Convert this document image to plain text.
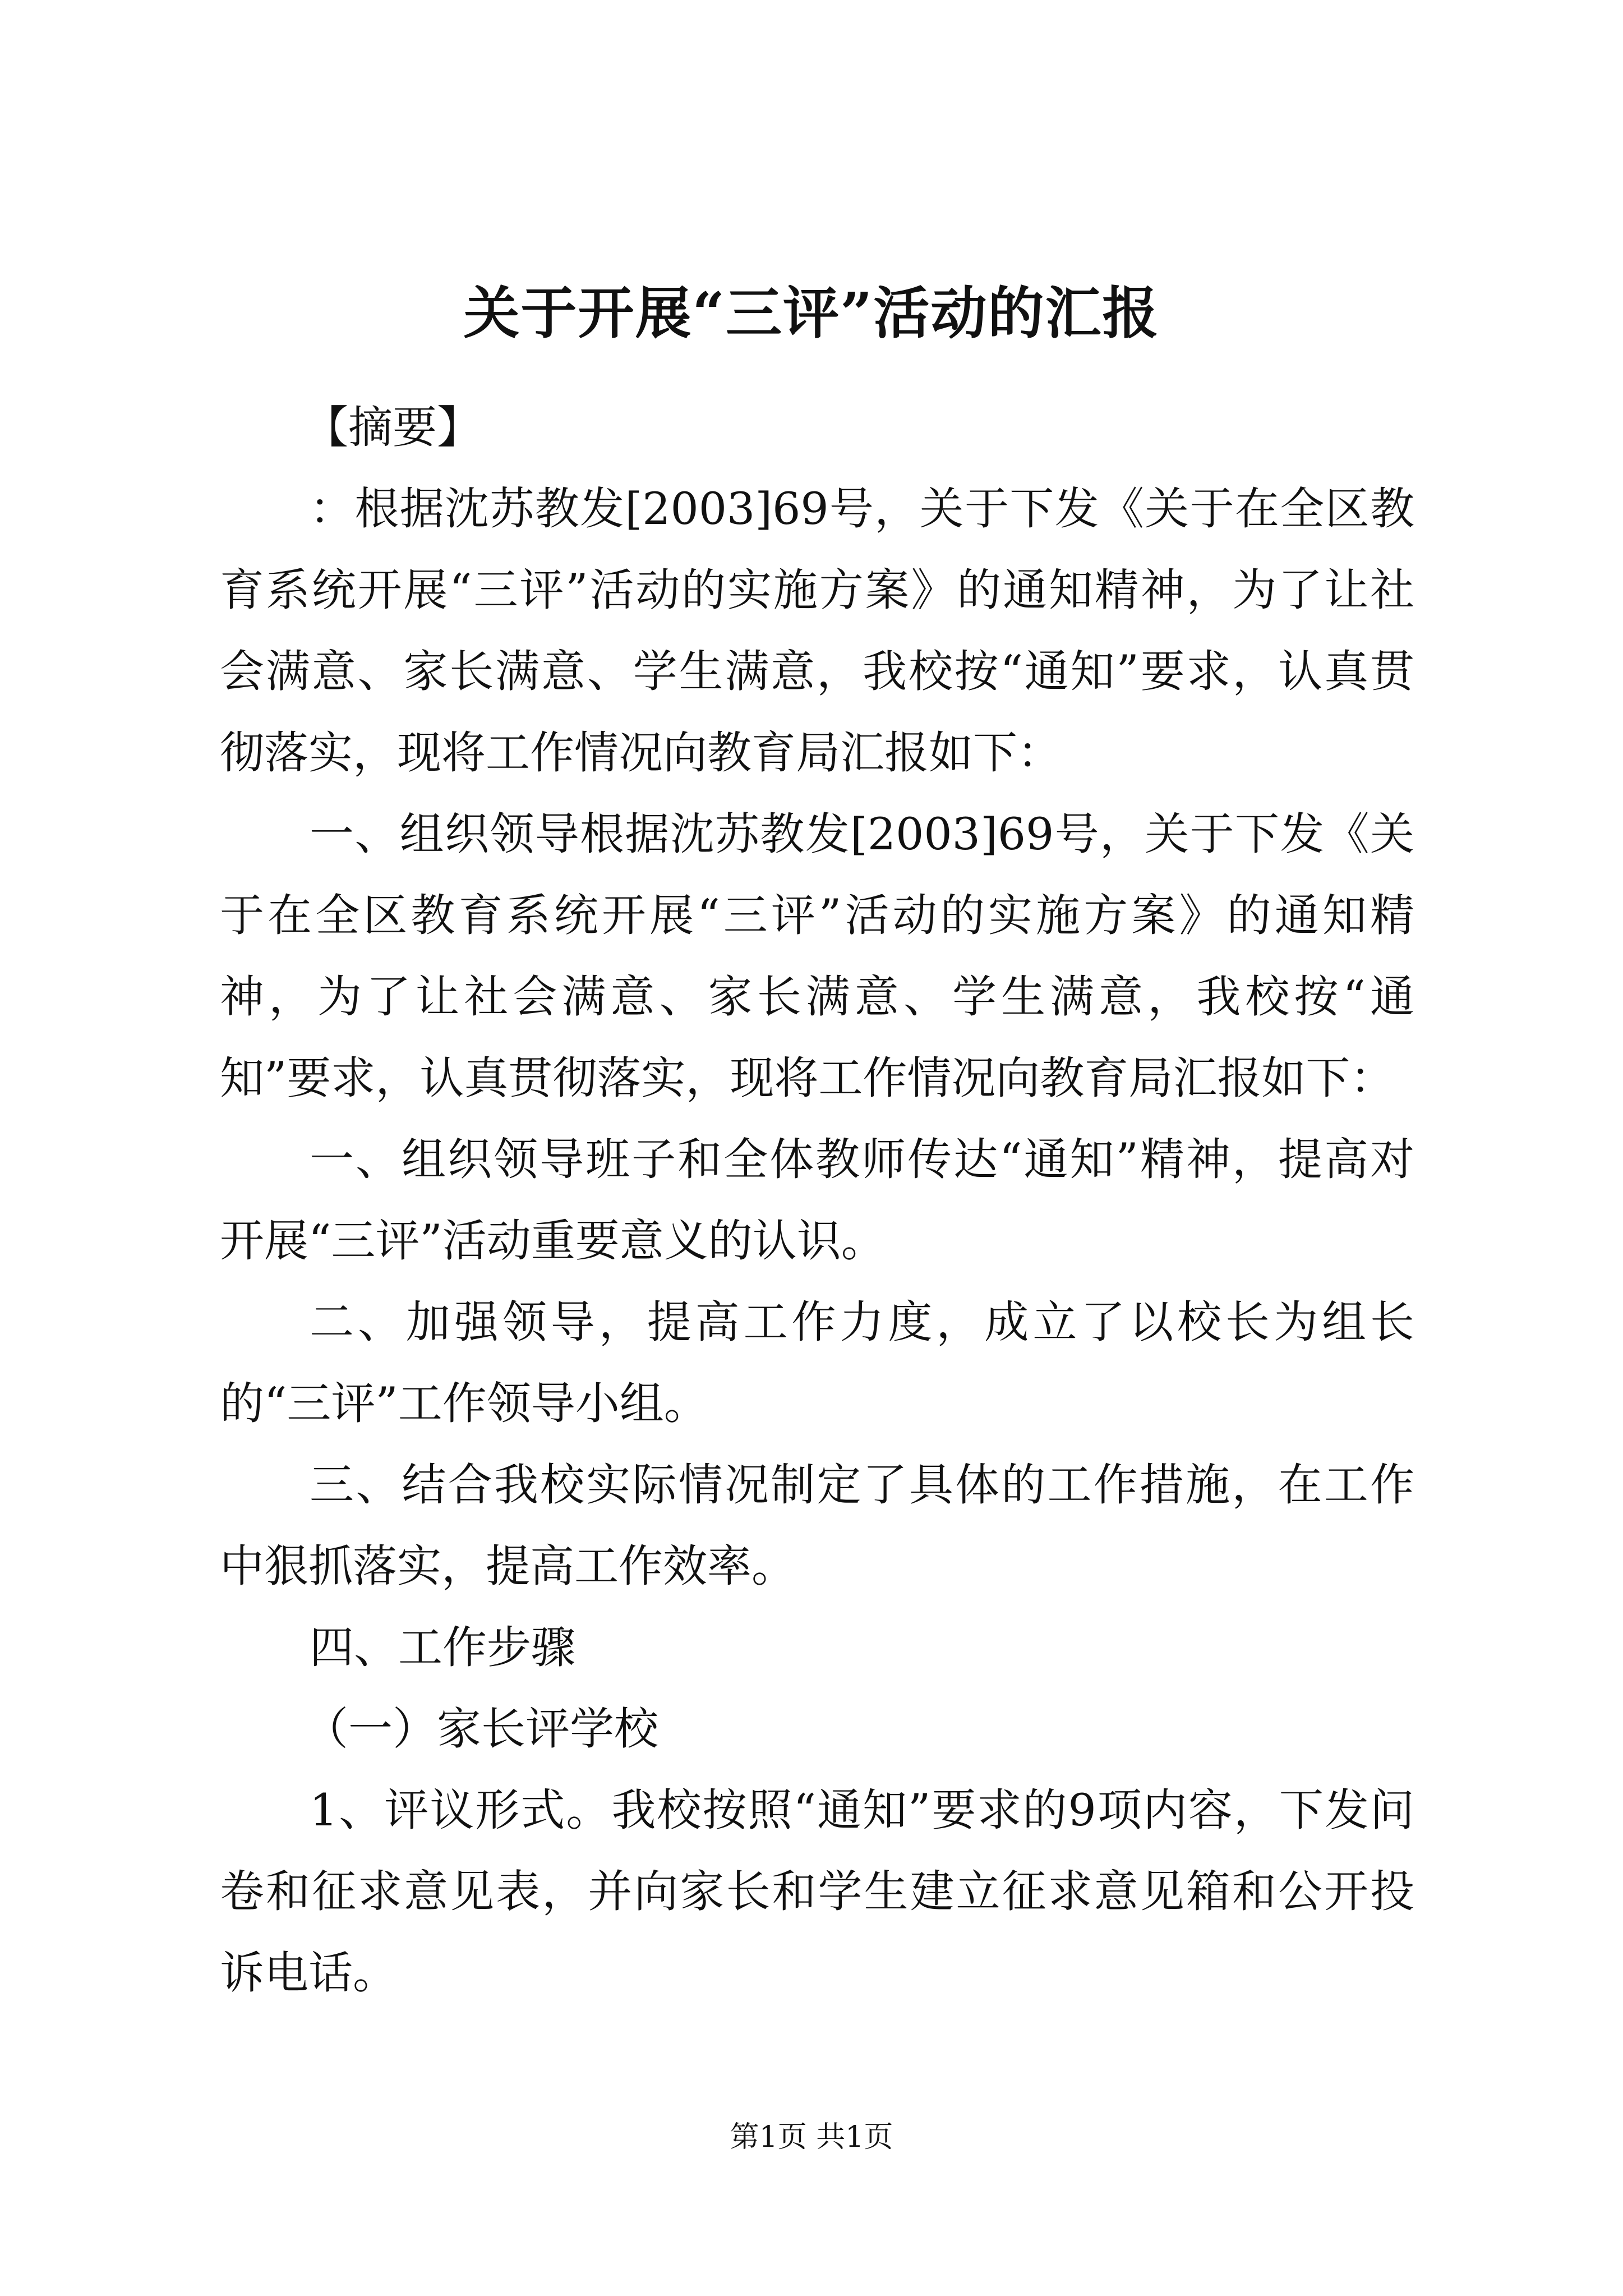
关于开展“三评”活动的汇报

【摘要】

：根据沈苏教发[2003]69号，关于下发《关于在全区教育系统开展“三评”活动的实施方案》的通知精神，为了让社会满意、家长满意、学生满意，我校按“通知”要求，认真贯彻落实，现将工作情况向教育局汇报如下：

一、组织领导根据沈苏教发[2003]69号，关于下发《关于在全区教育系统开展“三评”活动的实施方案》的通知精神，为了让社会满意、家长满意、学生满意，我校按“通知”要求，认真贯彻落实，现将工作情况向教育局汇报如下：

一、组织领导班子和全体教师传达“通知”精神，提高对开展“三评”活动重要意义的认识。

二、加强领导，提高工作力度，成立了以校长为组长的“三评”工作领导小组。

三、结合我校实际情况制定了具体的工作措施，在工作中狠抓落实，提高工作效率。

四、工作步骤

（一）家长评学校

1、评议形式。我校按照“通知”要求的9项内容，下发问卷和征求意见表，并向家长和学生建立征求意见箱和公开投诉电话。

第1页 共1页
